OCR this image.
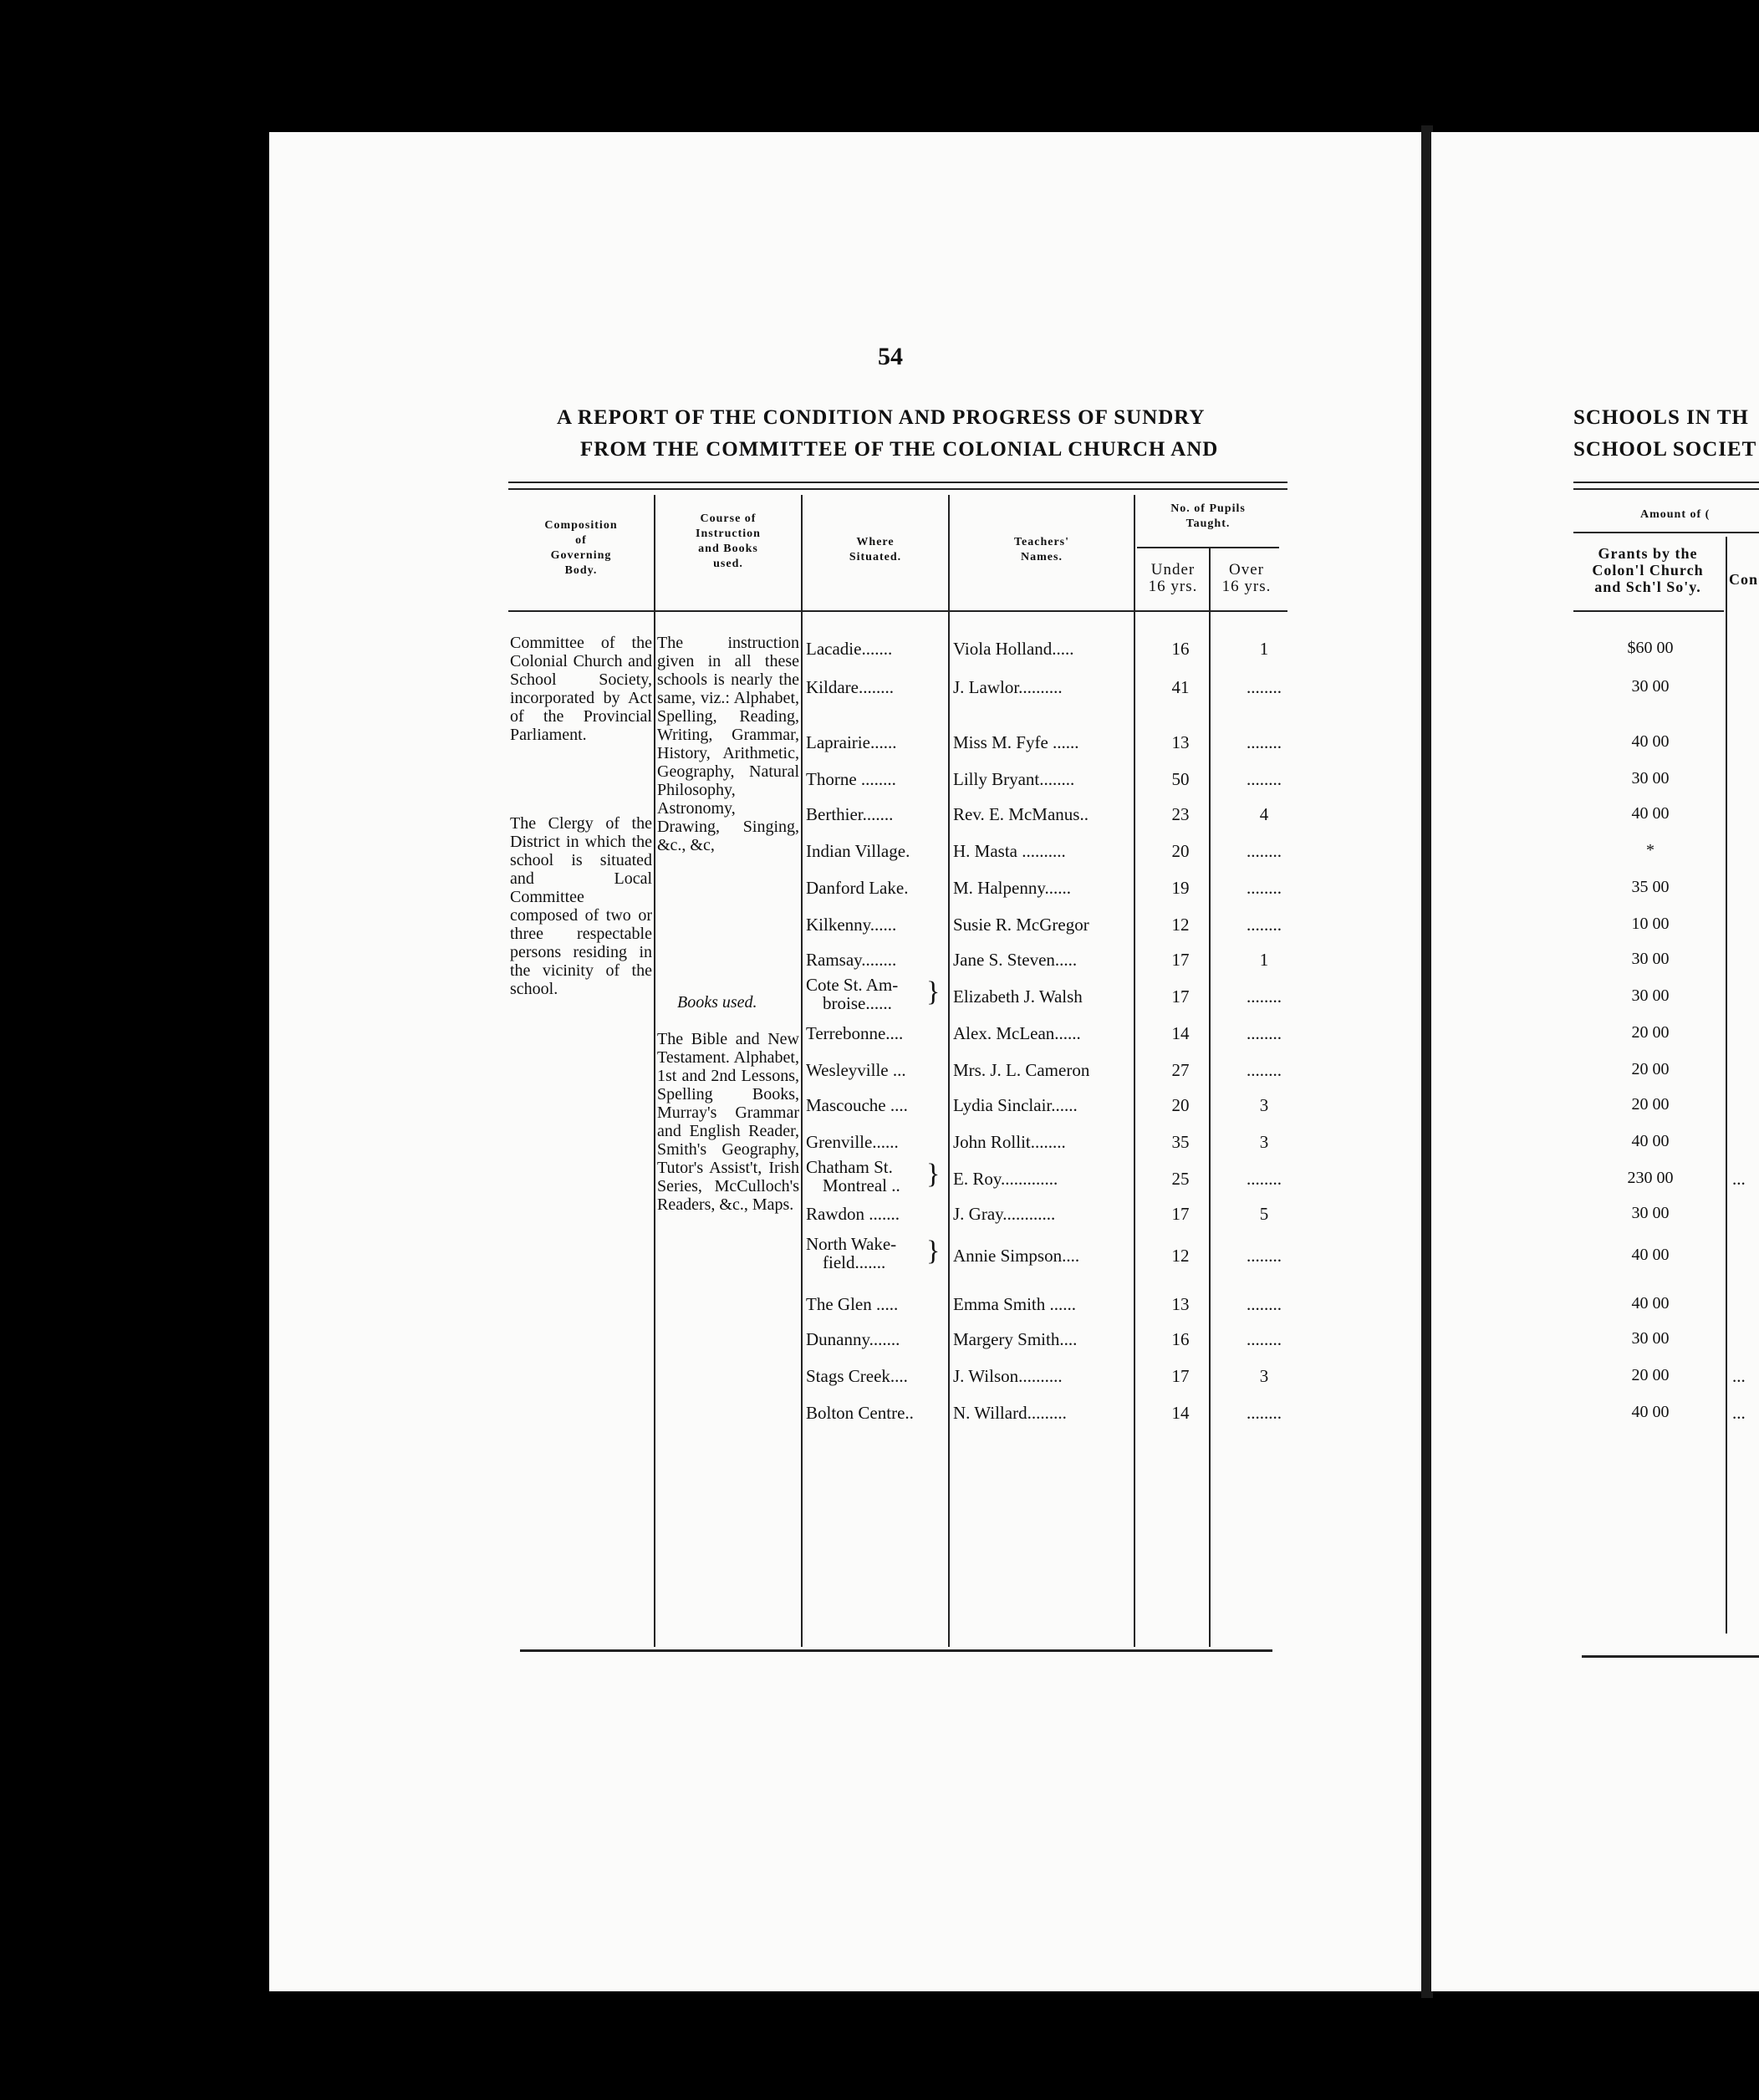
54
A REPORT OF THE CONDITION AND PROGRESS OF SUNDRY
FROM THE COMMITTEE OF THE COLONIAL CHURCH AND
SCHOOLS IN TH
SCHOOL SOCIET
Composition
of
Governing
Body.
Course of
Instruction
and Books
used.
Where
Situated.
Teachers'
Names.
No. of Pupils
Taught.
Under
16 yrs.
Over
16 yrs.
Amount of (
Grants by the
Colon'l Church
and Sch'l So'y.	Con
Committee of the Colonial Church and School Society, incorporated by Act of the Provincial Parliament.
The Clergy of the District in which the school is situated and Local Committee composed of two or three respectable persons residing in the vicinity of the school.
The instruction given in all these schools is nearly the same, viz.: Alphabet, Spelling, Reading, Writing, Grammar, History, Arithmetic, Geography, Natural Philosophy, Astronomy, Drawing, Singing, &c., &c,
Books used.
The Bible and New Testament. Alphabet, 1st and 2nd Lessons, Spelling Books, Murray's Grammar and English Reader, Smith's Geography, Tutor's Assist't, Irish Series, McCulloch's Readers, &c., Maps.
Lacadie.......	Viola Holland.....	16	1	$60 00
Kildare........	J. Lawlor..........	41	........	30 00
Laprairie......	Miss M. Fyfe ......	13	........	40 00
Thorne ........	Lilly Bryant........	50	........	30 00
Berthier.......	Rev. E. McManus..	23	4	40 00
Indian Village. H. Masta ..........	20	........	*
Danford Lake.	M. Halpenny......	19	........	35 00
Kilkenny......	Susie R. McGregor	12	........	10 00
Ramsay........	Jane S. Steven.....	17	1	30 00
Cote St. Am-
broise...... } Elizabeth J. Walsh	17	........	30 00
Terrebonne....	Alex. McLean......	14	........	20 00
Wesleyville ...	Mrs. J. L. Cameron	27	........	20 00
Mascouche ....	Lydia Sinclair......	20	3	20 00
Grenville......	John Rollit........	35	3	40 00
Chatham St.
Montreal .. } E. Roy.............	25	........	230 00	...
Rawdon .......	J. Gray............	17	5	30 00
North Wake-
field....... } Annie Simpson....	12	........	40 00
The Glen .....	Emma Smith ......	13	........	40 00
Dunanny.......	Margery Smith....	16	........	30 00
Stags Creek....	J. Wilson..........	17	3	20 00	...
Bolton Centre.. N. Willard.........	14	........	40 00	...
